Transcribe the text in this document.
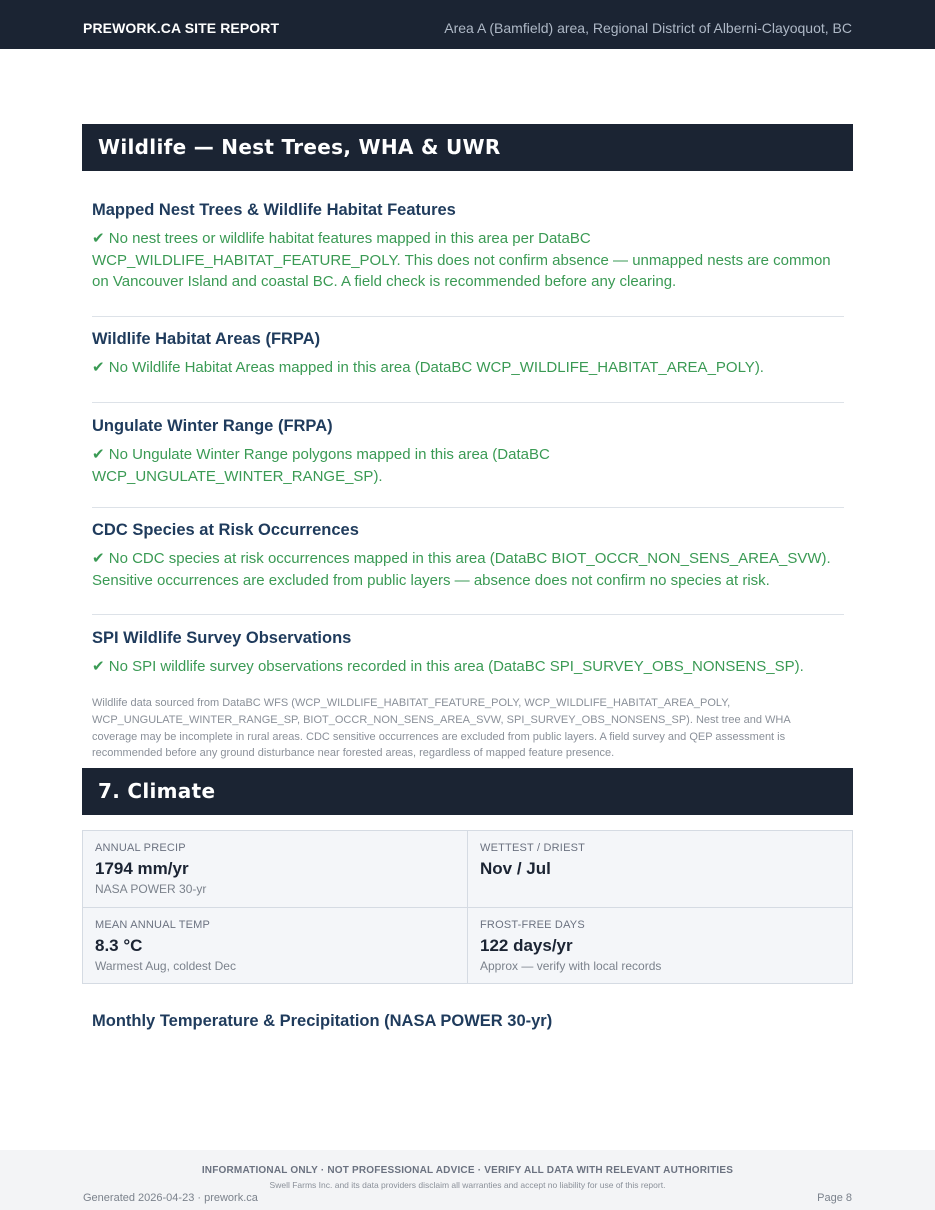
PREWORK.CA SITE REPORT	Area A (Bamfield) area, Regional District of Alberni-Clayoquot, BC
Wildlife — Nest Trees, WHA & UWR
Mapped Nest Trees & Wildlife Habitat Features

✔ No nest trees or wildlife habitat features mapped in this area per DataBC WCP_WILDLIFE_HABITAT_FEATURE_POLY. This does not confirm absence — unmapped nests are common on Vancouver Island and coastal BC. A field check is recommended before any clearing.

Wildlife Habitat Areas (FRPA)

✔ No Wildlife Habitat Areas mapped in this area (DataBC WCP_WILDLIFE_HABITAT_AREA_POLY).

Ungulate Winter Range (FRPA)

✔ No Ungulate Winter Range polygons mapped in this area (DataBC WCP_UNGULATE_WINTER_RANGE_SP).

CDC Species at Risk Occurrences

✔ No CDC species at risk occurrences mapped in this area (DataBC BIOT_OCCR_NON_SENS_AREA_SVW). Sensitive occurrences are excluded from public layers — absence does not confirm no species at risk.

SPI Wildlife Survey Observations

✔ No SPI wildlife survey observations recorded in this area (DataBC SPI_SURVEY_OBS_NONSENS_SP).

Wildlife data sourced from DataBC WFS (WCP_WILDLIFE_HABITAT_FEATURE_POLY, WCP_WILDLIFE_HABITAT_AREA_POLY, WCP_UNGULATE_WINTER_RANGE_SP, BIOT_OCCR_NON_SENS_AREA_SVW, SPI_SURVEY_OBS_NONSENS_SP). Nest tree and WHA coverage may be incomplete in rural areas. CDC sensitive occurrences are excluded from public layers. A field survey and QEP assessment is recommended before any ground disturbance near forested areas, regardless of mapped feature presence.
7. Climate
ANNUAL PRECIP
1794 mm/yr
NASA POWER 30-yr
WETTEST / DRIEST
Nov / Jul
MEAN ANNUAL TEMP
8.3 °C
Warmest Aug, coldest Dec
FROST-FREE DAYS
122 days/yr
Approx — verify with local records
Monthly Temperature & Precipitation (NASA POWER 30-yr)
INFORMATIONAL ONLY · NOT PROFESSIONAL ADVICE · VERIFY ALL DATA WITH RELEVANT AUTHORITIES
Swell Farms Inc. and its data providers disclaim all warranties and accept no liability for use of this report.
Generated 2026-04-23 · prework.ca	Page 8
